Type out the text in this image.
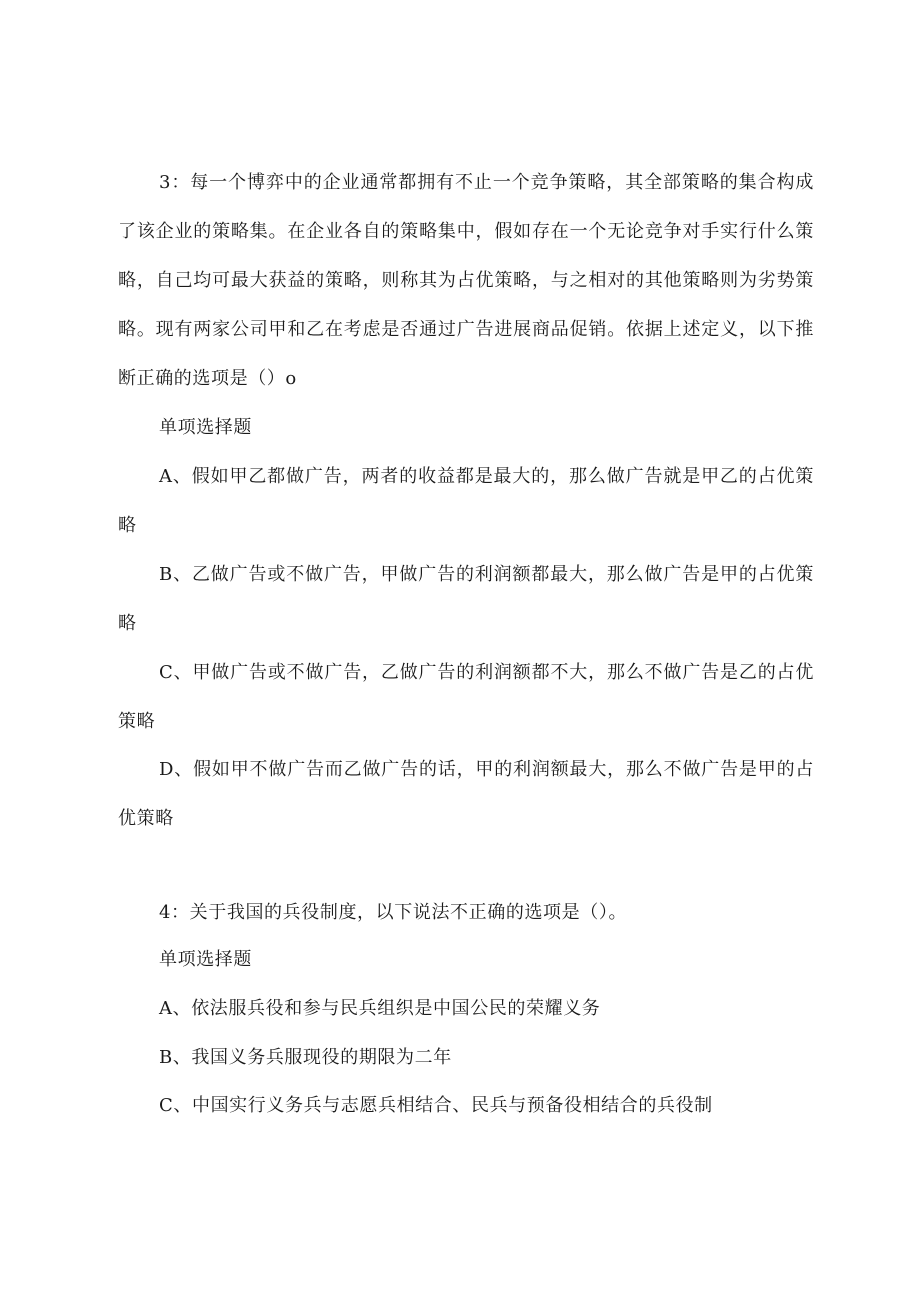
3：每一个博弈中的企业通常都拥有不止一个竞争策略，其全部策略的集合构成了该企业的策略集。在企业各自的策略集中，假如存在一个无论竞争对手实行什么策略，自己均可最大获益的策略，则称其为占优策略，与之相对的其他策略则为劣势策略。现有两家公司甲和乙在考虑是否通过广告进展商品促销。依据上述定义，以下推断正确的选项是（）o

单项选择题

A、假如甲乙都做广告，两者的收益都是最大的，那么做广告就是甲乙的占优策略

B、乙做广告或不做广告，甲做广告的利润额都最大，那么做广告是甲的占优策略

C、甲做广告或不做广告，乙做广告的利润额都不大，那么不做广告是乙的占优策略

D、假如甲不做广告而乙做广告的话，甲的利润额最大，那么不做广告是甲的占优策略

4：关于我国的兵役制度，以下说法不正确的选项是（）。

单项选择题

A、依法服兵役和参与民兵组织是中国公民的荣耀义务

B、我国义务兵服现役的期限为二年

C、中国实行义务兵与志愿兵相结合、民兵与预备役相结合的兵役制
